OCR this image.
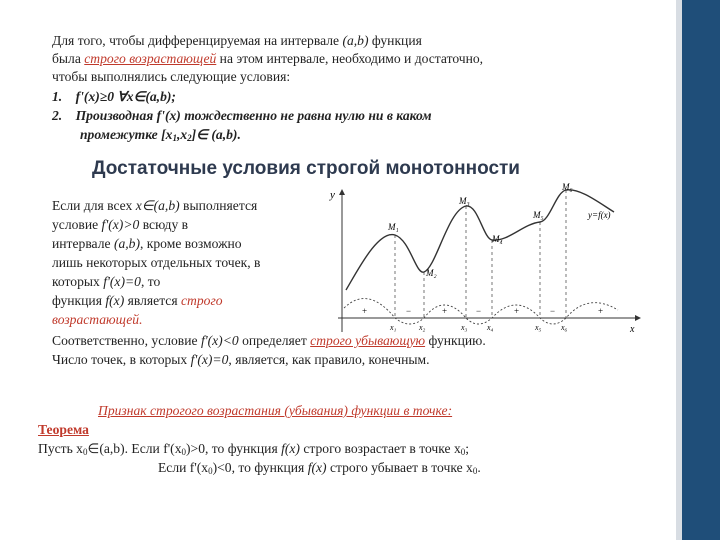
Для того, чтобы дифференцируемая на интервале (a,b) функция
была строго возрастающей на этом интервале, необходимо и достаточно,
чтобы выполнялись следующие условия:
1. f'(x)≥0 ∀x∈(a,b);
2. Производная f'(x) тождественно не равна нулю ни в каком
промежутке $[x_1,x_2]\in$ (a,b).
Достаточные условия строгой монотонности
Если для всех x∈(a,b) выполняется
условие f'(x)>0 всюду в
интервале (a,b), кроме возможно
лишь некоторых отдельных точек, в
которых f'(x)=0, то
функция f(x) является строго
возрастающей.
y
x
M₁
M₂
M₃
M₄
M₅
M₆
y=f(x)
x₁	x₂	x₃ x₄	x₅ x₆
+	−	+	−	+	−	+
Соответственно, условие f'(x)<0 определяет строго убывающую функцию.
Число точек, в которых f'(x)=0, является, как правило, конечным.
Признак строгого возрастания (убывания) функции в точке:
Теорема
Пусть $x_0\in(a,b)$. Если $f'(x_0)>0$, то функция f(x) строго возрастает в точке $x_0$;
Если $f'(x_0)<0$, то функция f(x) строго убывает в точке $x_0$.
